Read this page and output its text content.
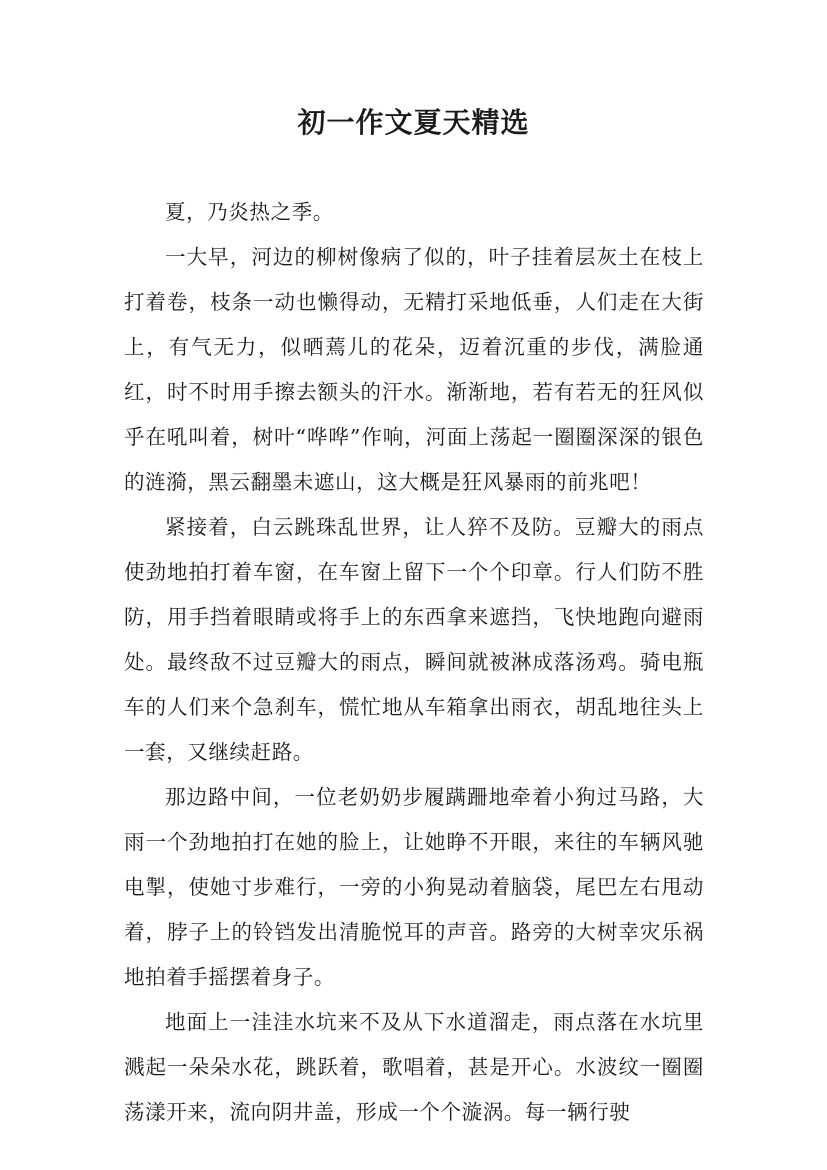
初一作文夏天精选

夏，乃炎热之季。

一大早，河边的柳树像病了似的，叶子挂着层灰土在枝上打着卷，枝条一动也懒得动，无精打采地低垂，人们走在大街上，有气无力，似晒蔫儿的花朵，迈着沉重的步伐，满脸通红，时不时用手擦去额头的汗水。渐渐地，若有若无的狂风似乎在吼叫着，树叶“哗哗”作响，河面上荡起一圈圈深深的银色的涟漪，黑云翻墨未遮山，这大概是狂风暴雨的前兆吧！

紧接着，白云跳珠乱世界，让人猝不及防。豆瓣大的雨点使劲地拍打着车窗，在车窗上留下一个个印章。行人们防不胜防，用手挡着眼睛或将手上的东西拿来遮挡，飞快地跑向避雨处。最终敌不过豆瓣大的雨点，瞬间就被淋成落汤鸡。骑电瓶车的人们来个急刹车，慌忙地从车箱拿出雨衣，胡乱地往头上一套，又继续赶路。

那边路中间，一位老奶奶步履蹒跚地牵着小狗过马路，大雨一个劲地拍打在她的脸上，让她睁不开眼，来往的车辆风驰电掣，使她寸步难行，一旁的小狗晃动着脑袋，尾巴左右甩动着，脖子上的铃铛发出清脆悦耳的声音。路旁的大树幸灾乐祸地拍着手摇摆着身子。

地面上一洼洼水坑来不及从下水道溜走，雨点落在水坑里溅起一朵朵水花，跳跃着，歌唱着，甚是开心。水波纹一圈圈荡漾开来，流向阴井盖，形成一个个漩涡。每一辆行驶
